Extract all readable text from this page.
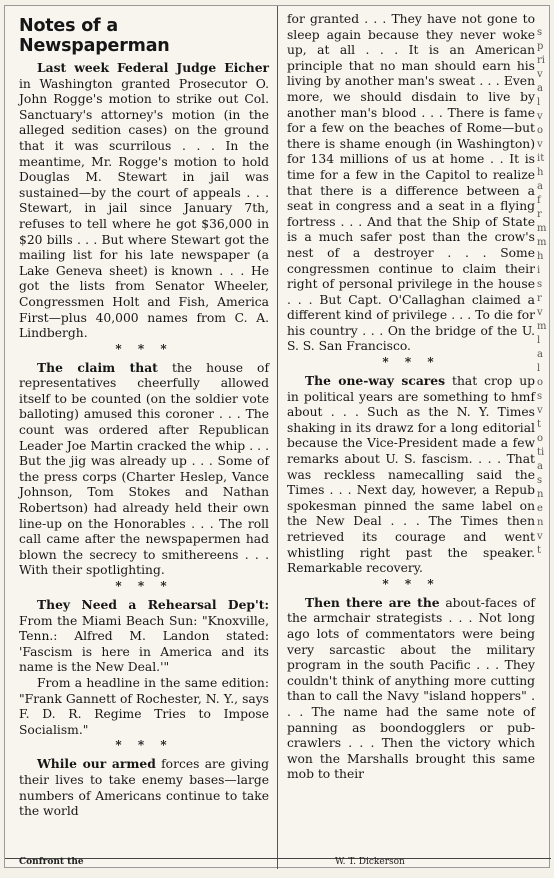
Notes of a Newspaperman

Last week Federal Judge Eicher in Washington granted Prosecutor O. John Rogge's motion to strike out Col. Sanctuary's attorney's motion (in the alleged sedition cases) on the ground that it was scurrilous . . . In the meantime, Mr. Rogge's motion to hold Douglas M. Stewart in jail was sustained—by the court of appeals . . . Stewart, in jail since January 7th, refuses to tell where he got $36,000 in $20 bills . . . But where Stewart got the mailing list for his late newspaper (a Lake Geneva sheet) is known . . . He got the lists from Senator Wheeler, Congressmen Holt and Fish, America First—plus 40,000 names from C. A. Lindbergh.

* * *

The claim that the house of representatives cheerfully allowed itself to be counted (on the soldier vote balloting) amused this coroner . . . The count was ordered after Republican Leader Joe Martin cracked the whip . . . But the jig was already up . . . Some of the press corps (Charter Heslep, Vance Johnson, Tom Stokes and Nathan Robertson) had already held their own line-up on the Honorables . . . The roll call came after the newspapermen had blown the secrecy to smithereens . . . With their spotlighting.

* * *

They Need a Rehearsal Dep't: From the Miami Beach Sun: "Knoxville, Tenn.: Alfred M. Landon stated: 'Fascism is here in America and its name is the New Deal.'"

From a headline in the same edition: "Frank Gannett of Rochester, N. Y., says F. D. R. Regime Tries to Impose Socialism."

* * *

While our armed forces are giving their lives to take enemy bases—large numbers of Americans continue to take the world

for granted . . . They have not gone to sleep again because they never woke up, at all . . . It is an American principle that no man should earn his living by another man's sweat . . . Even more, we should disdain to live by another man's blood . . . There is fame for a few on the beaches of Rome—but there is shame enough (in Washington) for 134 millions of us at home . . It is time for a few in the Capitol to realize that there is a difference between a seat in congress and a seat in a flying fortress . . . And that the Ship of State is a much safer post than the crow's nest of a destroyer . . . Some congressmen continue to claim their right of personal privilege in the house . . . But Capt. O'Callaghan claimed a different kind of privilege . . . To die for his country . . . On the bridge of the U. S. S. San Francisco.

* * *

The one-way scares that crop up in political years are something to hmf about . . . Such as the N. Y. Times shaking in its drawz for a long editorial because the Vice-President made a few remarks about U. S. fascism. . . . That was reckless namecalling said the Times . . . Next day, however, a Repub spokesman pinned the same label on the New Deal . . . The Times then retrieved its courage and went whistling right past the speaker. Remarkable recovery.

* * *

Then there are the about-faces of the armchair strategists . . . Not long ago lots of commentators were being very sarcastic about the military program in the south Pacific . . . They couldn't think of anything more cutting than to call the Navy "island hoppers" . . . The name had the same note of panning as boondogglers or pub-crawlers . . . Then the victory which won the Marshalls brought this same mob to their

sprivalvovithafrmmhisrvmlalosvtotiasnenvt
Confront the	W. T. Dickerson
